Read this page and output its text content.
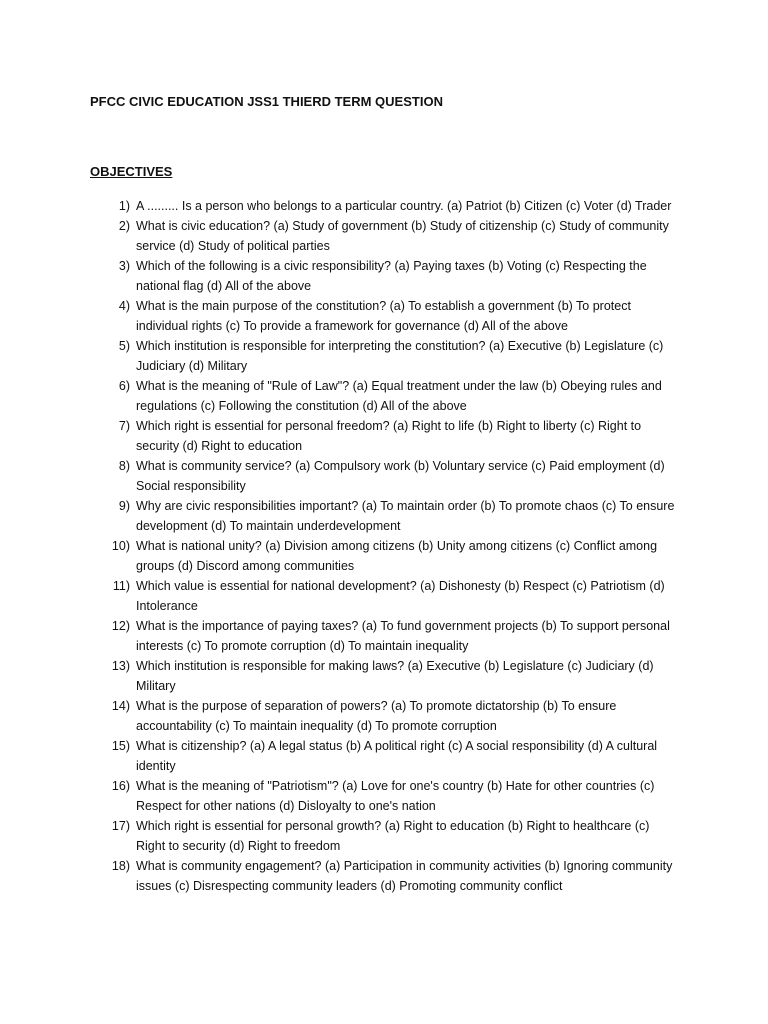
PFCC CIVIC EDUCATION JSS1 THIERD TERM QUESTION
OBJECTIVES
1) A ......... Is a person who belongs to a particular country. (a) Patriot (b) Citizen (c) Voter (d) Trader
2) What is civic education? (a) Study of government (b) Study of citizenship (c) Study of community service (d) Study of political parties
3) Which of the following is a civic responsibility? (a) Paying taxes (b) Voting (c) Respecting the national flag (d) All of the above
4) What is the main purpose of the constitution? (a) To establish a government (b) To protect individual rights (c) To provide a framework for governance (d) All of the above
5) Which institution is responsible for interpreting the constitution? (a) Executive (b) Legislature (c) Judiciary (d) Military
6) What is the meaning of "Rule of Law"? (a) Equal treatment under the law (b) Obeying rules and regulations (c) Following the constitution (d) All of the above
7) Which right is essential for personal freedom? (a) Right to life (b) Right to liberty (c) Right to security (d) Right to education
8) What is community service? (a) Compulsory work (b) Voluntary service (c) Paid employment (d) Social responsibility
9) Why are civic responsibilities important? (a) To maintain order (b) To promote chaos (c) To ensure development (d) To maintain underdevelopment
10) What is national unity? (a) Division among citizens (b) Unity among citizens (c) Conflict among groups (d) Discord among communities
11) Which value is essential for national development? (a) Dishonesty (b) Respect (c) Patriotism (d) Intolerance
12) What is the importance of paying taxes? (a) To fund government projects (b) To support personal interests (c) To promote corruption (d) To maintain inequality
13) Which institution is responsible for making laws? (a) Executive (b) Legislature (c) Judiciary (d) Military
14) What is the purpose of separation of powers? (a) To promote dictatorship (b) To ensure accountability (c) To maintain inequality (d) To promote corruption
15) What is citizenship? (a) A legal status (b) A political right (c) A social responsibility (d) A cultural identity
16) What is the meaning of "Patriotism"? (a) Love for one's country (b) Hate for other countries (c) Respect for other nations (d) Disloyalty to one's nation
17) Which right is essential for personal growth? (a) Right to education (b) Right to healthcare (c) Right to security (d) Right to freedom
18) What is community engagement? (a) Participation in community activities (b) Ignoring community issues (c) Disrespecting community leaders (d) Promoting community conflict
